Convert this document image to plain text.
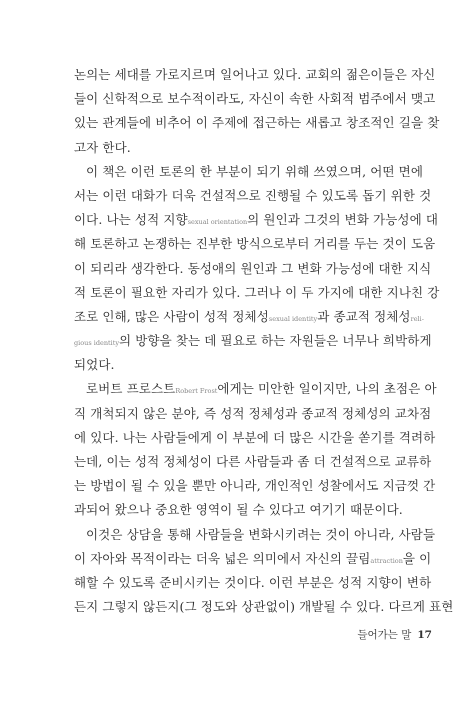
논의는 세대를 가로지르며 일어나고 있다. 교회의 젊은이들은 자신
들이 신학적으로 보수적이라도, 자신이 속한 사회적 범주에서 맺고
있는 관계들에 비추어 이 주제에 접근하는 새롭고 창조적인 길을 찾
고자 한다.
이 책은 이런 토론의 한 부분이 되기 위해 쓰였으며, 어떤 면에
서는 이런 대화가 더욱 건설적으로 진행될 수 있도록 돕기 위한 것
이다. 나는 성적 지향sexual orientation의 원인과 그것의 변화 가능성에 대
해 토론하고 논쟁하는 진부한 방식으로부터 거리를 두는 것이 도움
이 되리라 생각한다. 동성애의 원인과 그 변화 가능성에 대한 지식
적 토론이 필요한 자리가 있다. 그러나 이 두 가지에 대한 지나친 강
조로 인해, 많은 사람이 성적 정체성sexual identity과 종교적 정체성reli-
gious identity의 방향을 찾는 데 필요로 하는 자원들은 너무나 희박하게
되었다.
로버트 프로스트Robert Frost에게는 미안한 일이지만, 나의 초점은 아
직 개척되지 않은 분야, 즉 성적 정체성과 종교적 정체성의 교차점
에 있다. 나는 사람들에게 이 부분에 더 많은 시간을 쏟기를 격려하
는데, 이는 성적 정체성이 다른 사람들과 좀 더 건설적으로 교류하
는 방법이 될 수 있을 뿐만 아니라, 개인적인 성찰에서도 지금껏 간
과되어 왔으나 중요한 영역이 될 수 있다고 여기기 때문이다.
이것은 상담을 통해 사람들을 변화시키려는 것이 아니라, 사람들
이 자아와 목적이라는 더욱 넓은 의미에서 자신의 끌림attraction을 이
해할 수 있도록 준비시키는 것이다. 이런 부분은 성적 지향이 변하
든지 그렇지 않든지(그 정도와 상관없이) 개발될 수 있다. 다르게 표현
들어가는 말 17
